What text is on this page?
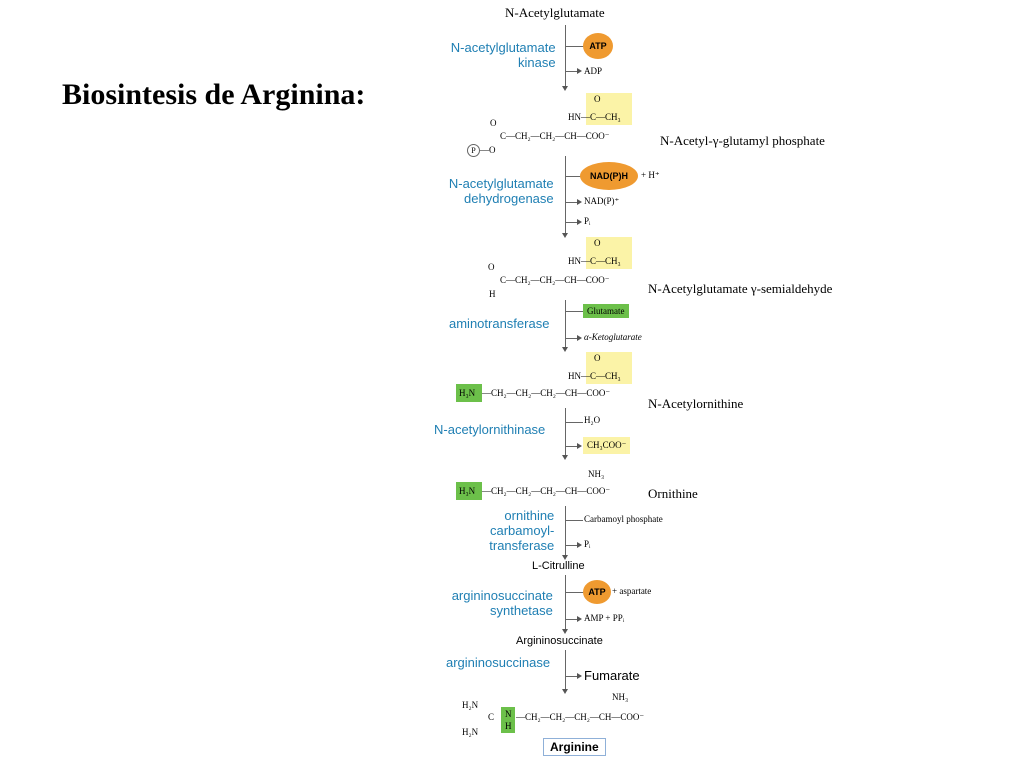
Biosintesis de Arginina:
N-Acetylglutamate
N-acetylglutamate
kinase
ATP
ADP
O
HN—C—CH₃
O
C—CH₂—CH₂—CH—COO⁻
P —O
N-Acetyl-γ-glutamyl phosphate
N-acetylglutamate
dehydrogenase
NAD(P)H	+ H⁺
NAD(P)⁺
Pᵢ
O
HN—C—CH₃
O
C—CH₂—CH₂—CH—COO⁻
H	N-Acetylglutamate γ-semialdehyde
aminotransferase
Glutamate
α-Ketoglutarate
O
HN—C—CH₃
H₃N —CH₂—CH₂—CH₂—CH—COO⁻
N-Acetylornithine
N-acetylornithinase
H₂O
CH₃COO⁻
NH₃
H₃N —CH₂—CH₂—CH₂—CH—COO⁻	Ornithine
ornithine
carbamoyl-
transferase
Carbamoyl phosphate
Pᵢ
L-Citrulline
argininosuccinate
synthetase
ATP + aspartate
AMP + PPᵢ
Argininosuccinate
argininosuccinase
Fumarate
NH₃
H₂N
H₂N
C N
H
—CH₂—CH₂—CH₂—CH—COO⁻
Arginine
